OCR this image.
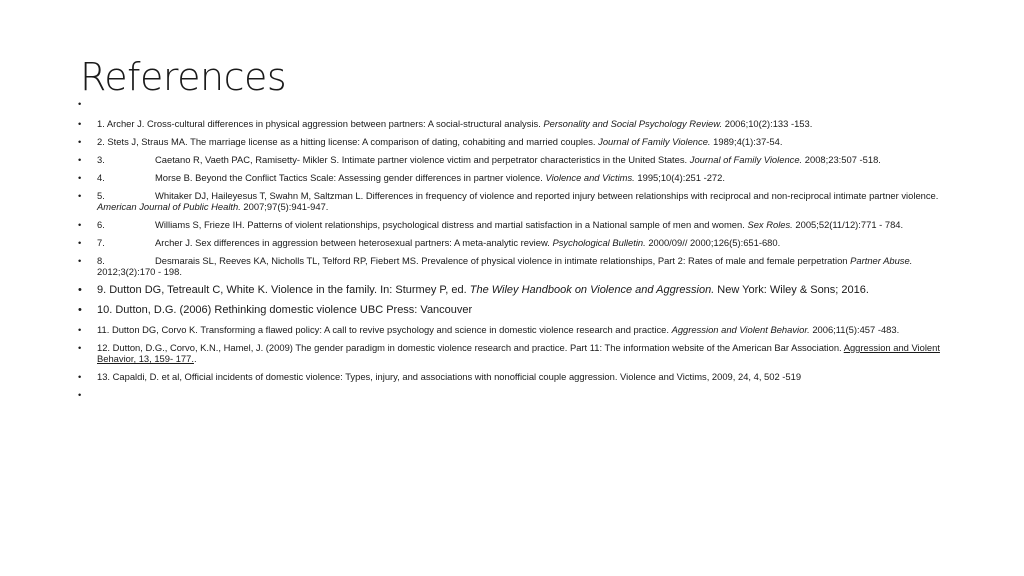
References
•
• 1. Archer J. Cross-cultural differences in physical aggression between partners: A social-structural analysis. Personality and Social Psychology Review. 2006;10(2):133 -153.
• 2. Stets J, Straus MA. The marriage license as a hitting license: A comparison of dating, cohabiting and married couples. Journal of Family Violence. 1989;4(1):37-54.
• 3.	Caetano R, Vaeth PAC, Ramisetty- Mikler S. Intimate partner violence victim and perpetrator characteristics in the United States. Journal of Family Violence. 2008;23:507 -518.
• 4.	Morse B. Beyond the Conflict Tactics Scale: Assessing gender differences in partner violence. Violence and Victims. 1995;10(4):251 -272.
• 5.	Whitaker DJ, Haileyesus T, Swahn M, Saltzman L. Differences in frequency of violence and reported injury between relationships with reciprocal and non-reciprocal intimate partner violence. American Journal of Public Health. 2007;97(5):941-947.
• 6.	Williams S, Frieze IH. Patterns of violent relationships, psychological distress and martial satisfaction in a National sample of men and women. Sex Roles. 2005;52(11/12):771 - 784.
• 7.	Archer J. Sex differences in aggression between heterosexual partners: A meta-analytic review. Psychological Bulletin. 2000/09// 2000;126(5):651-680.
• 8.	Desmarais SL, Reeves KA, Nicholls TL, Telford RP, Fiebert MS. Prevalence of physical violence in intimate relationships, Part 2: Rates of male and female perpetration Partner Abuse. 2012;3(2):170 - 198.
• 9. Dutton DG, Tetreault C, White K. Violence in the family. In: Sturmey P, ed. The Wiley Handbook on Violence and Aggression. New York: Wiley & Sons; 2016.
• 10. Dutton, D.G. (2006) Rethinking domestic violence UBC Press: Vancouver
• 11. Dutton DG, Corvo K. Transforming a flawed policy: A call to revive psychology and science in domestic violence research and practice. Aggression and Violent Behavior. 2006;11(5):457 -483.
• 12. Dutton, D.G., Corvo, K.N., Hamel, J. (2009) The gender paradigm in domestic violence research and practice. Part 11: The information website of the American Bar Association. Aggression and Violent Behavior, 13, 159- 177..
• 13. Capaldi, D. et al, Official incidents of domestic violence: Types, injury, and associations with nonofficial couple aggression. Violence and Victims, 2009, 24, 4, 502 -519
•
